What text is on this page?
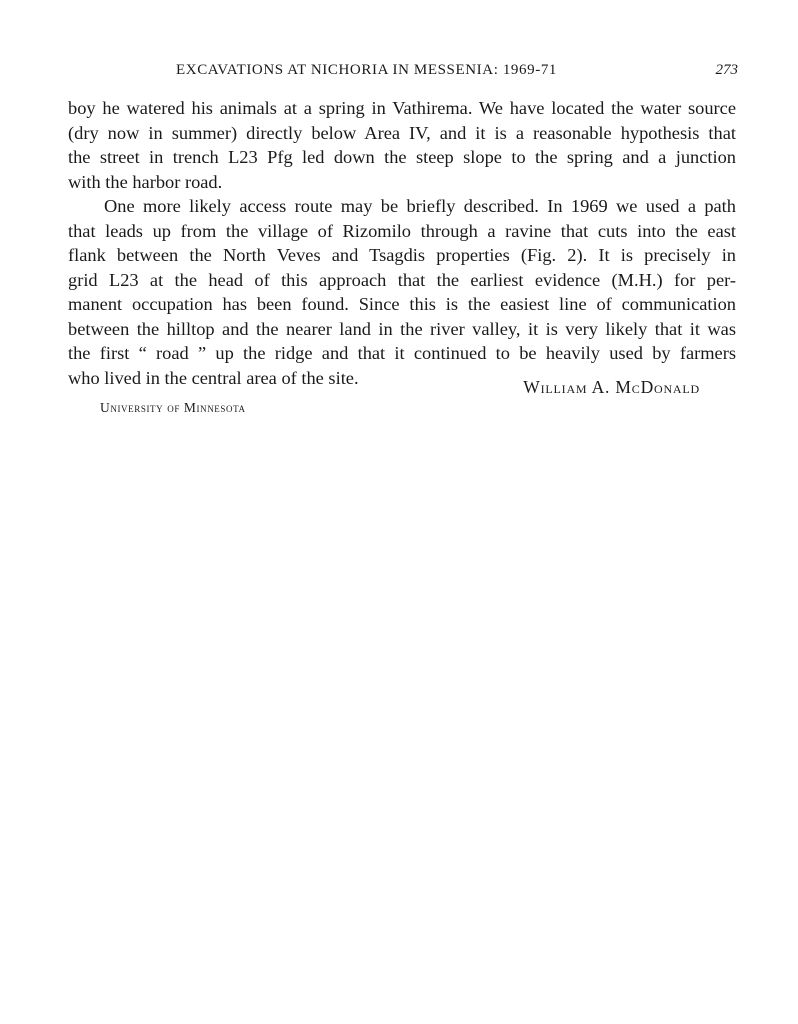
EXCAVATIONS AT NICHORIA IN MESSENIA: 1969-71	273

boy he watered his animals at a spring in Vathirema. We have located the water source
(dry now in summer) directly below Area IV, and it is a reasonable hypothesis that
the street in trench L23 Pfg led down the steep slope to the spring and a junction
with the harbor road.

One more likely access route may be briefly described. In 1969 we used a path
that leads up from the village of Rizomilo through a ravine that cuts into the east
flank between the North Veves and Tsagdis properties (Fig. 2). It is precisely in
grid L23 at the head of this approach that the earliest evidence (M.H.) for per-
manent occupation has been found. Since this is the easiest line of communication
between the hilltop and the nearer land in the river valley, it is very likely that it was
the first “ road ” up the ridge and that it continued to be heavily used by farmers
who lived in the central area of the site.	William A. McDonald
University of Minnesota
